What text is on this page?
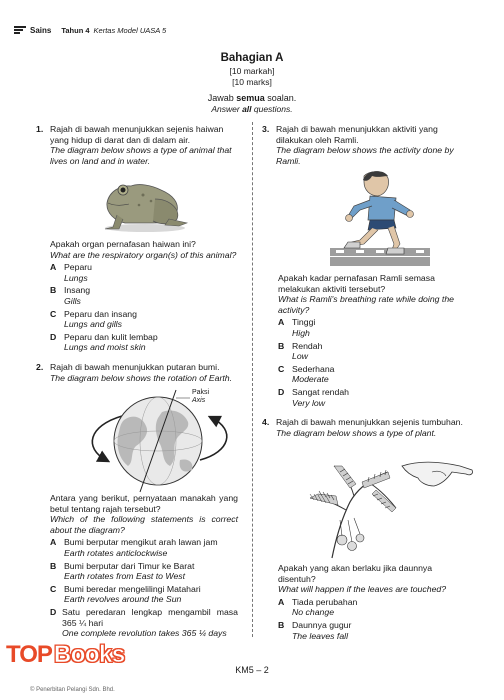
Sains Tahun 4 Kertas Model UASA 5
Bahagian A
[10 markah]
[10 marks]
Jawab semua soalan.
Answer all questions.
1. Rajah di bawah menunjukkan sejenis haiwan yang hidup di darat dan di dalam air.
The diagram below shows a type of animal that lives on land and in water.
Apakah organ pernafasan haiwan ini?
What are the respiratory organ(s) of this animal?
A Peparu
Lungs
B Insang
Gills
C Peparu dan insang
Lungs and gills
D Peparu dan kulit lembap
Lungs and moist skin
2. Rajah di bawah menunjukkan putaran bumi.
The diagram below shows the rotation of Earth.
Paksi
Axis
Antara yang berikut, pernyataan manakah yang betul tentang rajah tersebut?
Which of the following statements is correct about the diagram?
A Bumi berputar mengikut arah lawan jam
Earth rotates anticlockwise
B Bumi berputar dari Timur ke Barat
Earth rotates from East to West
C Bumi beredar mengelilingi Matahari
Earth revolves around the Sun
D Satu peredaran lengkap mengambil masa 365 ¼ hari
One complete revolution takes 365 ¼ days
3. Rajah di bawah menunjukkan aktiviti yang dilakukan oleh Ramli.
The diagram below shows the activity done by Ramli.
Apakah kadar pernafasan Ramli semasa melakukan aktiviti tersebut?
What is Ramli's breathing rate while doing the activity?
A Tinggi
High
B Rendah
Low
C Sederhana
Moderate
D Sangat rendah
Very low
4. Rajah di bawah menunjukkan sejenis tumbuhan.
The diagram below shows a type of plant.
Apakah yang akan berlaku jika daunnya disentuh?
What will happen if the leaves are touched?
A Tiada perubahan
No change
B Daunnya gugur
The leaves fall
KM5 – 2
© Penerbitan Pelangi Sdn. Bhd.
TOP Books
